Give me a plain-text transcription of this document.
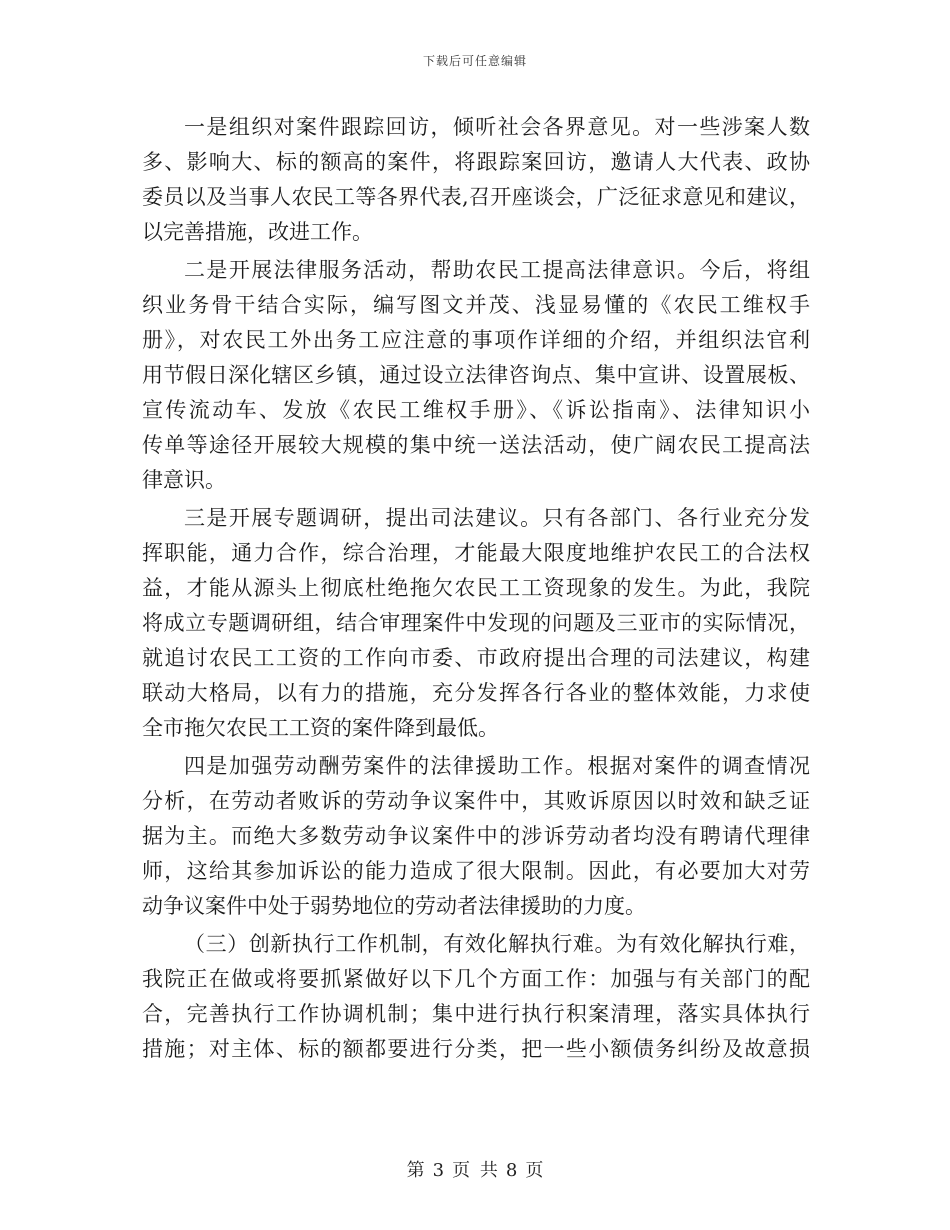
下载后可任意编辑
一是组织对案件跟踪回访，倾听社会各界意见。对一些涉案人数
多、影响大、标的额高的案件，将跟踪案回访，邀请人大代表、政协
委员以及当事人农民工等各界代表,召开座谈会，广泛征求意见和建议，
以完善措施，改进工作。
二是开展法律服务活动，帮助农民工提高法律意识。今后，将组
织业务骨干结合实际，编写图文并茂、浅显易懂的《农民工维权手
册》，对农民工外出务工应注意的事项作详细的介绍，并组织法官利
用节假日深化辖区乡镇，通过设立法律咨询点、集中宣讲、设置展板、
宣传流动车、发放《农民工维权手册》、《诉讼指南》、法律知识小
传单等途径开展较大规模的集中统一送法活动，使广阔农民工提高法
律意识。
三是开展专题调研，提出司法建议。只有各部门、各行业充分发
挥职能，通力合作，综合治理，才能最大限度地维护农民工的合法权
益，才能从源头上彻底杜绝拖欠农民工工资现象的发生。为此，我院
将成立专题调研组，结合审理案件中发现的问题及三亚市的实际情况，
就追讨农民工工资的工作向市委、市政府提出合理的司法建议，构建
联动大格局，以有力的措施，充分发挥各行各业的整体效能，力求使
全市拖欠农民工工资的案件降到最低。
四是加强劳动酬劳案件的法律援助工作。根据对案件的调查情况
分析，在劳动者败诉的劳动争议案件中，其败诉原因以时效和缺乏证
据为主。而绝大多数劳动争议案件中的涉诉劳动者均没有聘请代理律
师，这给其参加诉讼的能力造成了很大限制。因此，有必要加大对劳
动争议案件中处于弱势地位的劳动者法律援助的力度。
（三）创新执行工作机制，有效化解执行难。为有效化解执行难，
我院正在做或将要抓紧做好以下几个方面工作：加强与有关部门的配
合，完善执行工作协调机制；集中进行执行积案清理，落实具体执行
措施；对主体、标的额都要进行分类，把一些小额债务纠纷及故意损
第 3 页 共 8 页
